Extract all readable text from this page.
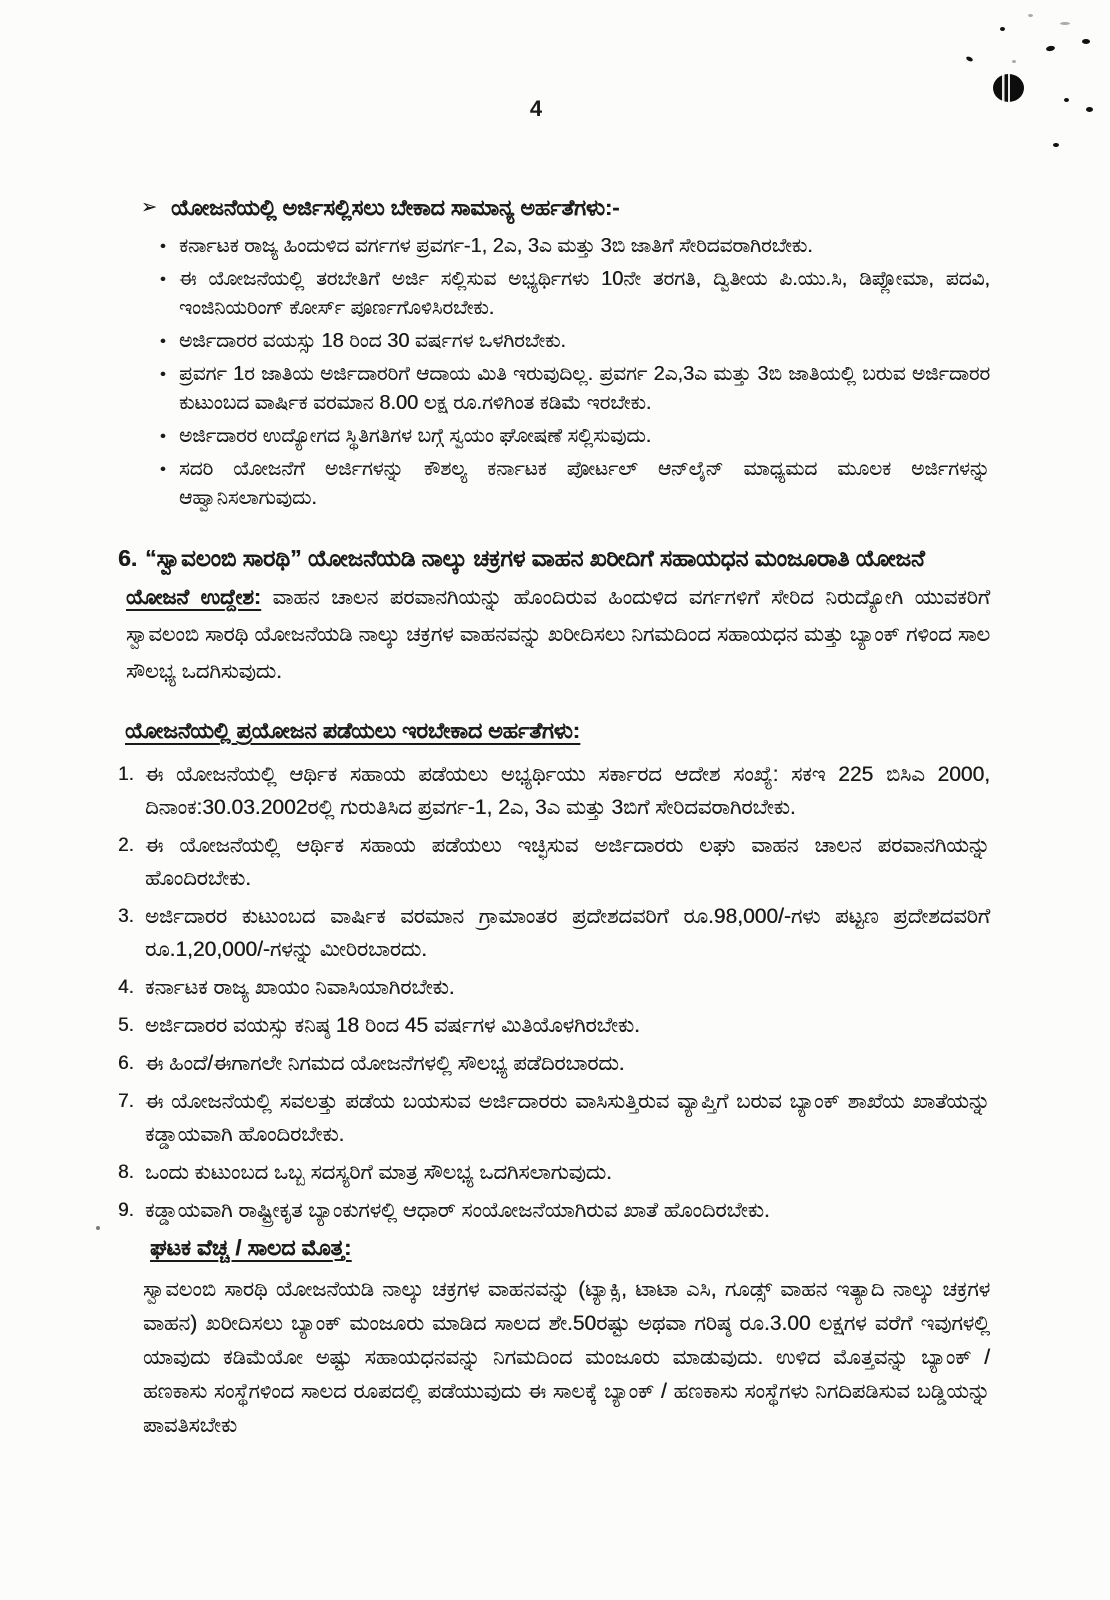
4
➢ ಯೋಜನೆಯಲ್ಲಿ ಅರ್ಜಿಸಲ್ಲಿಸಲು ಬೇಕಾದ ಸಾಮಾನ್ಯ ಅರ್ಹತೆಗಳು:-
• ಕರ್ನಾಟಕ ರಾಜ್ಯ ಹಿಂದುಳಿದ ವರ್ಗಗಳ ಪ್ರವರ್ಗ-1, 2ಎ, 3ಎ ಮತ್ತು 3ಬಿ ಜಾತಿಗೆ ಸೇರಿದವರಾಗಿರಬೇಕು.
• ಈ ಯೋಜನೆಯಲ್ಲಿ ತರಬೇತಿಗೆ ಅರ್ಜಿ ಸಲ್ಲಿಸುವ ಅಭ್ಯರ್ಥಿಗಳು 10ನೇ ತರಗತಿ, ದ್ವಿತೀಯ ಪಿ.ಯು.ಸಿ, ಡಿಪ್ಲೋಮಾ, ಪದವಿ, ಇಂಜಿನಿಯರಿಂಗ್ ಕೋರ್ಸ್ ಪೂರ್ಣಗೊಳಿಸಿರಬೇಕು.
• ಅರ್ಜಿದಾರರ ವಯಸ್ಸು 18 ರಿಂದ 30 ವರ್ಷಗಳ ಒಳಗಿರಬೇಕು.
• ಪ್ರವರ್ಗ 1ರ ಜಾತಿಯ ಅರ್ಜಿದಾರರಿಗೆ ಆದಾಯ ಮಿತಿ ಇರುವುದಿಲ್ಲ. ಪ್ರವರ್ಗ 2ಎ,3ಎ ಮತ್ತು 3ಬಿ ಜಾತಿಯಲ್ಲಿ ಬರುವ ಅರ್ಜಿದಾರರ ಕುಟುಂಬದ ವಾರ್ಷಿಕ ವರಮಾನ 8.00 ಲಕ್ಷ ರೂ.ಗಳಿಗಿಂತ ಕಡಿಮೆ ಇರಬೇಕು.
• ಅರ್ಜಿದಾರರ ಉದ್ಯೋಗದ ಸ್ಥಿತಿಗತಿಗಳ ಬಗ್ಗೆ ಸ್ವಯಂ ಘೋಷಣೆ ಸಲ್ಲಿಸುವುದು.
• ಸದರಿ ಯೋಜನೆಗೆ ಅರ್ಜಿಗಳನ್ನು ಕೌಶಲ್ಯ ಕರ್ನಾಟಕ ಪೋರ್ಟಲ್ ಆನ್‌ಲೈನ್ ಮಾಧ್ಯಮದ ಮೂಲಕ ಅರ್ಜಿಗಳನ್ನು ಆಹ್ವಾನಿಸಲಾಗುವುದು.
6. “ಸ್ವಾವಲಂಬಿ ಸಾರಥಿ” ಯೋಜನೆಯಡಿ ನಾಲ್ಕು ಚಕ್ರಗಳ ವಾಹನ ಖರೀದಿಗೆ ಸಹಾಯಧನ ಮಂಜೂರಾತಿ ಯೋಜನೆ

ಯೋಜನೆ ಉದ್ದೇಶ: ವಾಹನ ಚಾಲನ ಪರವಾನಗಿಯನ್ನು ಹೊಂದಿರುವ ಹಿಂದುಳಿದ ವರ್ಗಗಳಿಗೆ ಸೇರಿದ ನಿರುದ್ಯೋಗಿ ಯುವಕರಿಗೆ ಸ್ವಾವಲಂಬಿ ಸಾರಥಿ ಯೋಜನೆಯಡಿ ನಾಲ್ಕು ಚಕ್ರಗಳ ವಾಹನವನ್ನು ಖರೀದಿಸಲು ನಿಗಮದಿಂದ ಸಹಾಯಧನ ಮತ್ತು ಬ್ಯಾಂಕ್ ಗಳಿಂದ ಸಾಲ ಸೌಲಭ್ಯ ಒದಗಿಸುವುದು.

ಯೋಜನೆಯಲ್ಲಿ ಪ್ರಯೋಜನ ಪಡೆಯಲು ಇರಬೇಕಾದ ಅರ್ಹತೆಗಳು:
1. ಈ ಯೋಜನೆಯಲ್ಲಿ ಆರ್ಥಿಕ ಸಹಾಯ ಪಡೆಯಲು ಅಭ್ಯರ್ಥಿಯು ಸರ್ಕಾರದ ಆದೇಶ ಸಂಖ್ಯೆ: ಸಕಇ 225 ಬಿಸಿಎ 2000, ದಿನಾಂಕ:30.03.2002ರಲ್ಲಿ ಗುರುತಿಸಿದ ಪ್ರವರ್ಗ-1, 2ಎ, 3ಎ ಮತ್ತು 3ಬಿಗೆ ಸೇರಿದವರಾಗಿರಬೇಕು.
2. ಈ ಯೋಜನೆಯಲ್ಲಿ ಆರ್ಥಿಕ ಸಹಾಯ ಪಡೆಯಲು ಇಚ್ಛಿಸುವ ಅರ್ಜಿದಾರರು ಲಘು ವಾಹನ ಚಾಲನ ಪರವಾನಗಿಯನ್ನು ಹೊಂದಿರಬೇಕು.
3. ಅರ್ಜಿದಾರರ ಕುಟುಂಬದ ವಾರ್ಷಿಕ ವರಮಾನ ಗ್ರಾಮಾಂತರ ಪ್ರದೇಶದವರಿಗೆ ರೂ.98,000/-ಗಳು ಪಟ್ಟಣ ಪ್ರದೇಶದವರಿಗೆ ರೂ.1,20,000/-ಗಳನ್ನು ಮೀರಿರಬಾರದು.
4. ಕರ್ನಾಟಕ ರಾಜ್ಯ ಖಾಯಂ ನಿವಾಸಿಯಾಗಿರಬೇಕು.
5. ಅರ್ಜಿದಾರರ ವಯಸ್ಸು ಕನಿಷ್ಠ 18 ರಿಂದ 45 ವರ್ಷಗಳ ಮಿತಿಯೊಳಗಿರಬೇಕು.
6. ಈ ಹಿಂದೆ/ಈಗಾಗಲೇ ನಿಗಮದ ಯೋಜನೆಗಳಲ್ಲಿ ಸೌಲಭ್ಯ ಪಡೆದಿರಬಾರದು.
7. ಈ ಯೋಜನೆಯಲ್ಲಿ ಸವಲತ್ತು ಪಡೆಯ ಬಯಸುವ ಅರ್ಜಿದಾರರು ವಾಸಿಸುತ್ತಿರುವ ವ್ಯಾಪ್ತಿಗೆ ಬರುವ ಬ್ಯಾಂಕ್ ಶಾಖೆಯ ಖಾತೆಯನ್ನು ಕಡ್ಡಾಯವಾಗಿ ಹೊಂದಿರಬೇಕು.
8. ಒಂದು ಕುಟುಂಬದ ಒಬ್ಬ ಸದಸ್ಯರಿಗೆ ಮಾತ್ರ ಸೌಲಭ್ಯ ಒದಗಿಸಲಾಗುವುದು.
9. ಕಡ್ಡಾಯವಾಗಿ ರಾಷ್ಟ್ರೀಕೃತ ಬ್ಯಾಂಕುಗಳಲ್ಲಿ ಆಧಾರ್ ಸಂಯೋಜನೆಯಾಗಿರುವ ಖಾತೆ ಹೊಂದಿರಬೇಕು.
ಘಟಕ ವೆಚ್ಚ / ಸಾಲದ ಮೊತ್ತ:

ಸ್ವಾವಲಂಬಿ ಸಾರಥಿ ಯೋಜನೆಯಡಿ ನಾಲ್ಕು ಚಕ್ರಗಳ ವಾಹನವನ್ನು (ಟ್ಯಾಕ್ಸಿ, ಟಾಟಾ ಎಸಿ, ಗೂಡ್ಸ್ ವಾಹನ ಇತ್ಯಾದಿ ನಾಲ್ಕು ಚಕ್ರಗಳ ವಾಹನ) ಖರೀದಿಸಲು ಬ್ಯಾಂಕ್ ಮಂಜೂರು ಮಾಡಿದ ಸಾಲದ ಶೇ.50ರಷ್ಟು ಅಥವಾ ಗರಿಷ್ಠ ರೂ.3.00 ಲಕ್ಷಗಳ ವರೆಗೆ ಇವುಗಳಲ್ಲಿ ಯಾವುದು ಕಡಿಮೆಯೋ ಅಷ್ಟು ಸಹಾಯಧನವನ್ನು ನಿಗಮದಿಂದ ಮಂಜೂರು ಮಾಡುವುದು. ಉಳಿದ ಮೊತ್ತವನ್ನು ಬ್ಯಾಂಕ್ / ಹಣಕಾಸು ಸಂಸ್ಥೆಗಳಿಂದ ಸಾಲದ ರೂಪದಲ್ಲಿ ಪಡೆಯುವುದು ಈ ಸಾಲಕ್ಕೆ ಬ್ಯಾಂಕ್ / ಹಣಕಾಸು ಸಂಸ್ಥೆಗಳು ನಿಗದಿಪಡಿಸುವ ಬಡ್ಡಿಯನ್ನು ಪಾವತಿಸಬೇಕು
